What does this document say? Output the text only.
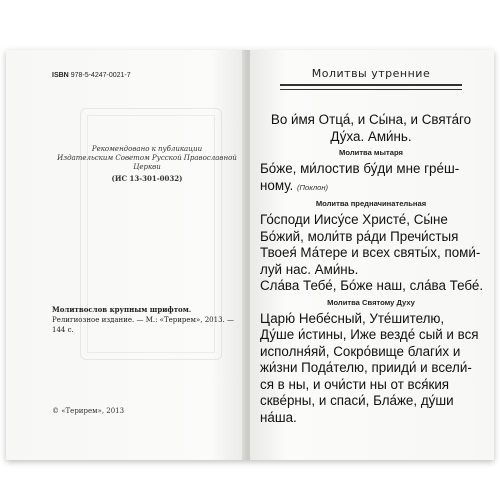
ISBN 978-5-4247-0021-7
Рекомендовано к публикации
Издательским Советом Русской Православной Церкви
(ИС 13-301-0032)
Молитвослов крупным шрифтом. Религиозное издание. — М.: «Терирем», 2013. — 144 с.
© «Терирем», 2013
Молитвы утренние
Во и́мя Отца́, и Сы́на, и Свята́го
Ду́ха. Ами́нь.
Молитва мытаря
Бо́же, ми́лостив бу́ди мне гре́ш-
ному. (Поклон)
Молитва предначинательная
Го́споди Иису́се Христе́, Сы́не
Бо́жий, моли́тв ра́ди Пречи́стыя
Твоея́ Ма́тере и всех святы́х, поми́-
луй нас. Ами́нь.
Сла́ва Тебе́, Бо́же наш, сла́ва Тебе́.
Молитва Святому Духу
Царю́ Небе́сный, Уте́шителю,
Ду́ше и́стины, Иже везде́ сый и вся
исполня́яй, Сокро́вище благи́х и
жи́зни Пода́телю, прииди́ и всели́-
ся в ны, и очи́сти ны от вся́кия
скве́рны, и спаси́, Бла́же, ду́ши
на́ша.
